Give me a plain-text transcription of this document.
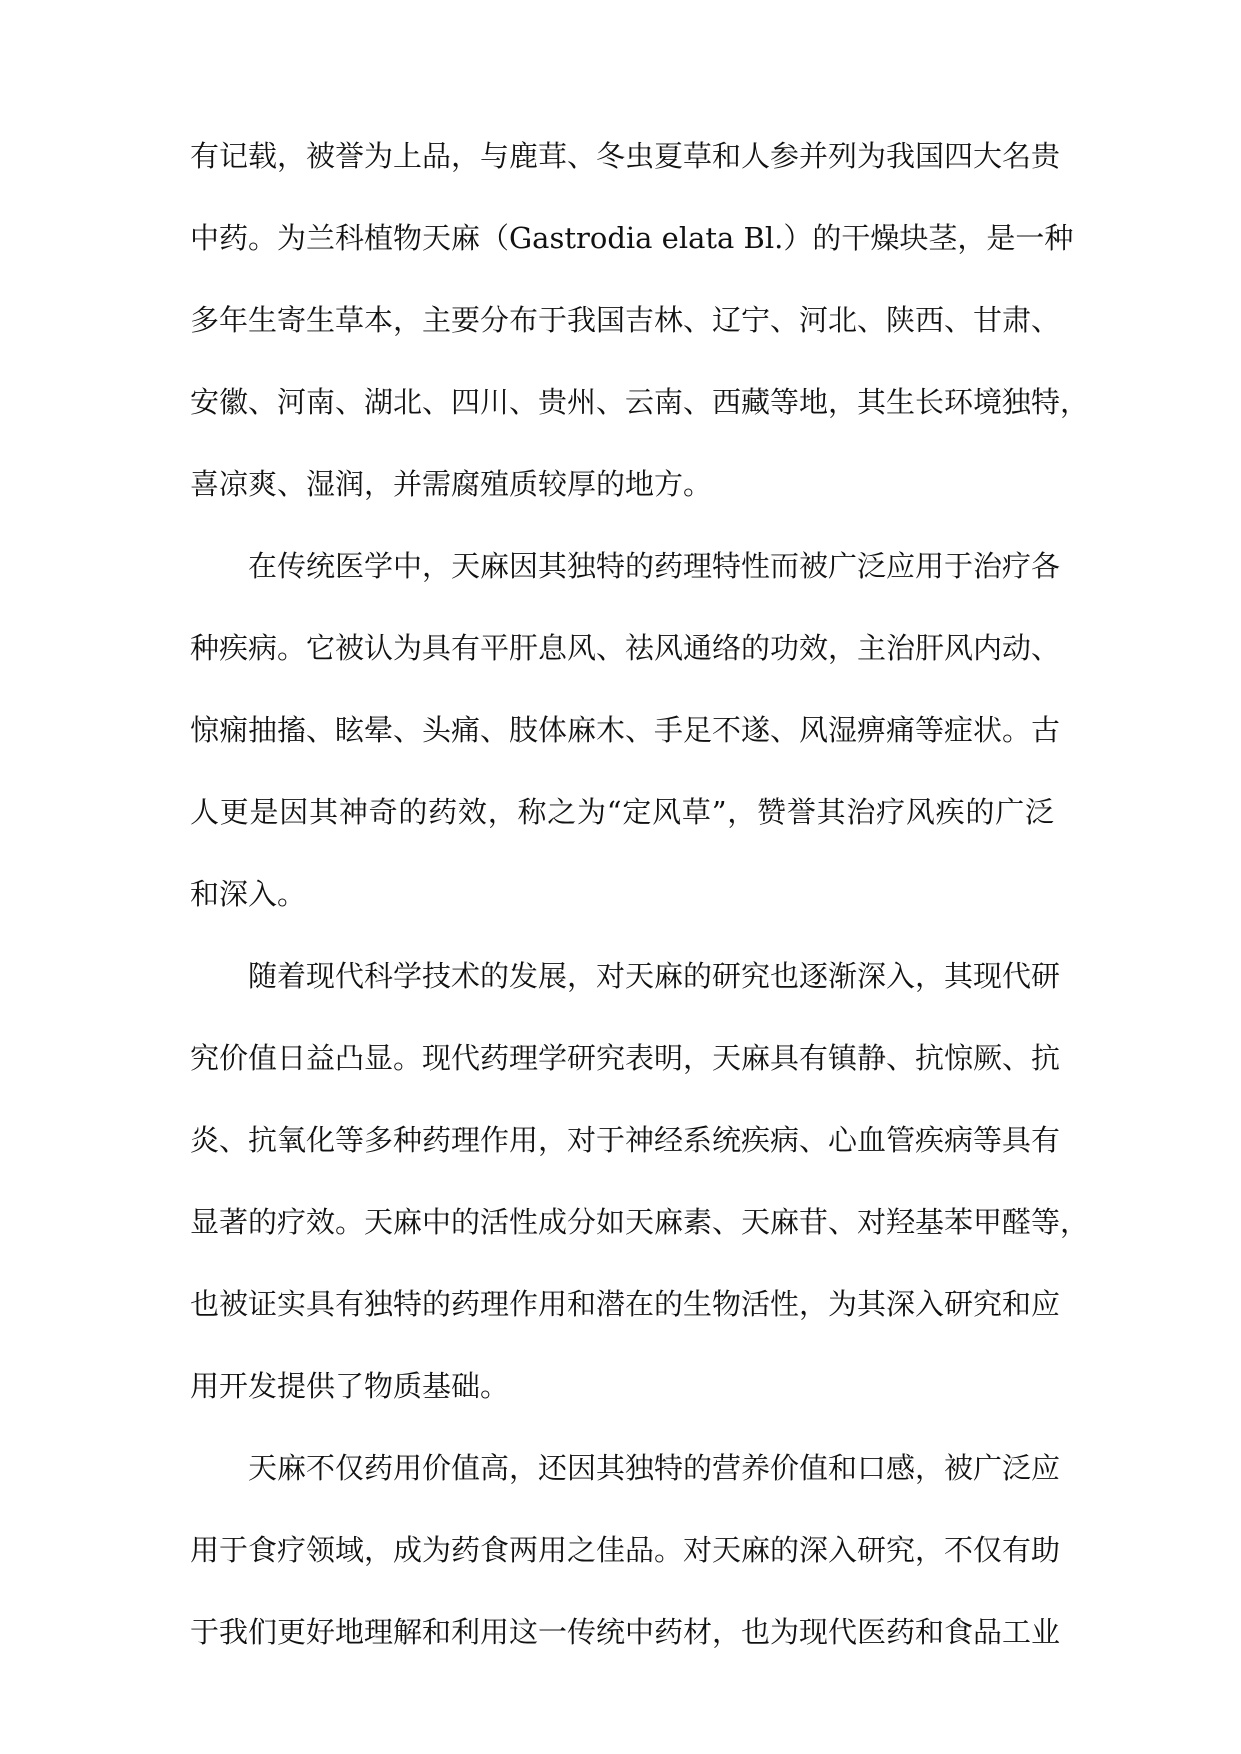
有记载，被誉为上品，与鹿茸、冬虫夏草和人参并列为我国四大名贵
中药。为兰科植物天麻（Gastrodia elata Bl.）的干燥块茎，是一种
多年生寄生草本，主要分布于我国吉林、辽宁、河北、陕西、甘肃、
安徽、河南、湖北、四川、贵州、云南、西藏等地，其生长环境独特，
喜凉爽、湿润，并需腐殖质较厚的地方。
在传统医学中，天麻因其独特的药理特性而被广泛应用于治疗各
种疾病。它被认为具有平肝息风、祛风通络的功效，主治肝风内动、
惊痫抽搐、眩晕、头痛、肢体麻木、手足不遂、风湿痹痛等症状。古
人更是因其神奇的药效，称之为“定风草”，赞誉其治疗风疾的广泛
和深入。
随着现代科学技术的发展，对天麻的研究也逐渐深入，其现代研
究价值日益凸显。现代药理学研究表明，天麻具有镇静、抗惊厥、抗
炎、抗氧化等多种药理作用，对于神经系统疾病、心血管疾病等具有
显著的疗效。天麻中的活性成分如天麻素、天麻苷、对羟基苯甲醛等，
也被证实具有独特的药理作用和潜在的生物活性，为其深入研究和应
用开发提供了物质基础。
天麻不仅药用价值高，还因其独特的营养价值和口感，被广泛应
用于食疗领域，成为药食两用之佳品。对天麻的深入研究，不仅有助
于我们更好地理解和利用这一传统中药材，也为现代医药和食品工业
